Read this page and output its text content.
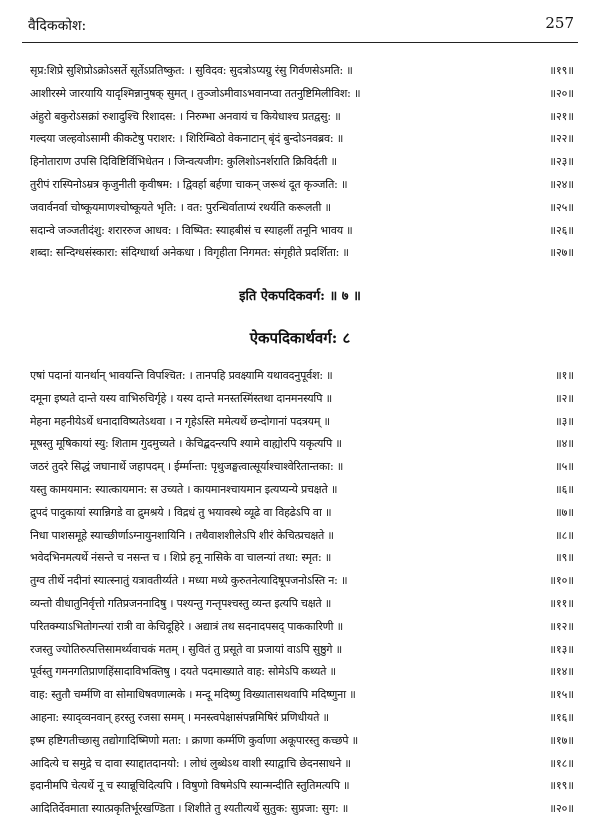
वैदिककोश:	257
सृप्र:शिप्रे सुशिप्रोऽक्रोऽसर्ते सूर्तेऽप्रतिष्कुत: । सुविदव: सुदत्रोऽप्यग्रु रंसु गिर्वणसेऽमति: ॥	॥१९॥
आशीरस्मे जारयायि यादृश्मिन्नानुषक् सुमत् । तुञ्जोऽमीवाऽभवानप्वा ततनुष्टिमिलीविश: ॥	॥२०॥
अंहुरो बकुरोऽसक्रां रुशादुश्चि रिशादस: । निरुम्भा अनवायं च कियेधाश्च प्रतद्वसु: ॥	॥२१॥
गल्दया जल्हवोऽसामी कीकटेषु पराशर: । शिरिम्बिठो वेकनाटान् बृंदं बुन्दोऽनवब्रव: ॥	॥२२॥
हिनोताराण उपसि दिविष्टिर्विभिधेतन । जिन्वत्यजीग: कुलिशोऽनर्शराति क्रिविर्दती ॥	॥२३॥
तुरीपं रास्पिनोऽम्रत्र कृजुनीती कृवीषम: । द्विवर्हा बर्हणा चाकन् जरूथं दूत कृञ्जति: ॥	॥२४॥
जवार्वनर्वा चोष्कूयमाणश्चोष्कूयते भृति: । वत: पुरन्धिर्वाताप्यं रथर्यति करूलती ॥	॥२५॥
सदान्वे जञ्जतीदंशु: शराररुज आधव: । विष्पित: स्याहबीसं च स्याहलीं तनूनि भावय ॥	॥२६॥
शब्दा: सन्दिग्धसंस्कारा: संदिग्धार्था अनेकधा । विगृहीता निगमत: संगृहीते प्रदर्शिता: ॥	॥२७॥
इति ऐकपदिकवर्ग: ॥ ७ ॥
ऐकपदिकार्थवर्ग: ८
एषां पदानां यानर्थान् भावयन्ति विपश्चित: । तानपहि प्रवक्ष्यामि यथावदनुपूर्वश: ॥	॥१॥
दमूना इष्यते दान्ते यस्य वाभिरुचिर्गृहे । यस्य दान्ते मनस्तस्मिंस्तथा दानमनस्यपि ॥	॥२॥
मेहना महनीयेऽर्थे धनादाविष्यतेऽथवा । न गृहेऽस्ति ममेत्यर्थे छन्दोगानां पदत्रयम् ॥	॥३॥
मूषस्तु मूषिकायां स्यु: शिताम गुदमुच्यते । केचिद्बदन्त्यपि श्यामे वाह्योरपि यकृत्यपि ॥	॥४॥
जठरं तुदरे सिद्धं जघानार्थे जहापदम् । ईर्म्मान्ता: पृथुजङ्घत्वात्सूर्याश्चाश्वेरितान्तका: ॥	॥५॥
यस्तु कामयमान: स्यात्कायमान: स उच्यते । कायमानश्चायमान इत्यप्यन्ये प्रचक्षते ॥	॥६॥
द्रुपदं पादुकायां स्यान्निगडे वा द्रुमश्रये । विद्रधं तु भयावस्थे व्यूढे वा विहढेऽपि वा ॥	॥७॥
निधा पाशसमूहे स्याच्छीर्णाऽग्नायुनशायिनि । तथैवाशशीलेऽपि शीरं केचित्प्रचक्षते ॥	॥८॥
भवेदभिनमत्यर्थे नंसन्ते च नसन्त च । शिप्रे हनू नासिके वा चालन्यां तथा: स्मृत: ॥	॥९॥
तुग्व तीर्थे नदीनां स्यात्स्नातुं यत्रावतीर्य्यते । मध्या मध्ये कुरुतनेत्यादिषूपजनोऽस्ति न: ॥	॥१०॥
व्यन्तो वीधातुनिर्वृत्तो गतिप्रजननादिषु । पश्यन्तु गन्तृपश्चस्तु व्यन्त इत्यपि चक्षते ॥	॥११॥
परितक्म्याऽभितोगन्त्यां रात्री वा केचिदूहिरे । अद्यात्रं तथ सदनादपसद् पाककारिणी ॥	॥१२॥
रजस्तु ज्योतिरुत्पत्तिसामर्थ्यवाचकं मतम् । सुवितं तु प्रसूते वा प्रजायां वाऽपि सुष्ठुगे ॥	॥१३॥
पूर्वस्तु गमनगतिप्राणहिंसादाविभक्तिषु । दयते पदमाख्याते वाह: सोमेऽपि कथ्यते ॥	॥१४॥
वाह: स्तुतौ चर्म्मणि वा सोमाधिषवणात्मके । मन्दू मदिष्णु विख्यातासथवापि मदिष्णुना ॥	॥१५॥
आहना: स्याद्व्वनवान् हरस्तु रजसा समम् । मनस्त्वपेक्षासंपन्नमिषिरं प्रणिधीयते ॥	॥१६॥
इष्म हष्टिगतीच्छासु तद्योगादिष्मिणो मता: । क्राणा कर्म्मणि कुर्वाणा अकूपारस्तु कच्छपे ॥	॥१७॥
आदित्ये च समुद्रे च दावा स्याद्दातदानयो: । लोधं लुब्धेऽथ वाशी स्याद्वाचि छेदनसाधने ॥	॥१८॥
इदानीमपि चेत्यर्थे नू च स्यान्नूचिदित्यपि । विषुणो विषमेऽपि स्यान्मन्दीति स्तुतिमत्यपि ॥	॥१९॥
आदितिर्देवमाता स्यात्प्रकृतिर्भूरखण्डिता । शिशीते तु श्यतीत्यर्थे सुतुक: सुप्रजा: सुग: ॥	॥२०॥
